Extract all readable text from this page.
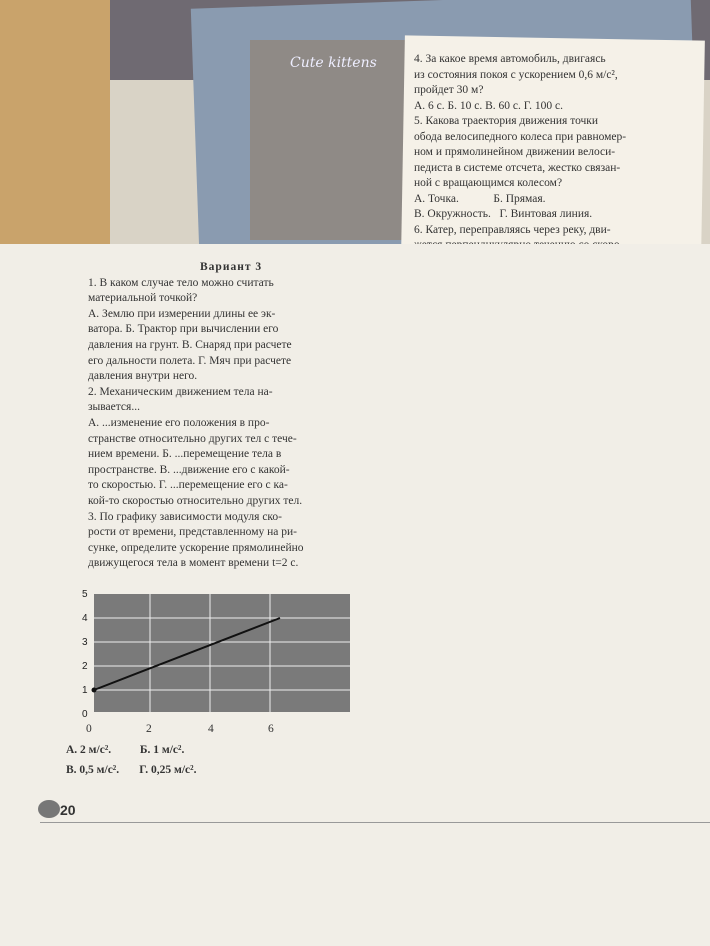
Cute kittens	4. За какое время автомобиль, двигаясь
из состояния покоя с ускорением 0,6 м/с²,
пройдет 30 м?
А. 6 с. Б. 10 с. В. 60 с. Г. 100 с.
5. Какова траектория движения точки
обода велосипедного колеса при равномер-
ном и прямолинейном движении велоси-
педиста в системе отсчета, жестко связан-
ной с вращающимся колесом?
А. Точка.            Б. Прямая.
В. Окружность.   Г. Винтовая линия.
6. Катер, переправляясь через реку, дви-
Вариант 3
1. В каком случае тело можно считать
материальной точкой?
А. Землю при измерении длины ее эк-
ватора. Б. Трактор при вычислении его
давления на грунт. В. Снаряд при расчете
его дальности полета. Г. Мяч при расчете
давления внутри него.
2. Механическим движением тела на-
зывается...
А. ...изменение его положения в про-
странстве относительно других тел с тече-
нием времени. Б. ...перемещение тела в
пространстве. В. ...движение его с какой-
то скоростью. Г. ...перемещение его с ка-
кой-то скоростью относительно других тел.
3. По графику зависимости модуля ско-
рости от времени, представленному на ри-
сунке, определите ускорение прямолинейно
движущегося тела в момент времени t=2 с.
5
4
3
2
1
0
0	2	4	6
А. 2 м/с².          Б. 1 м/с².
В. 0,5 м/с².       Г. 0,25 м/с².
20
